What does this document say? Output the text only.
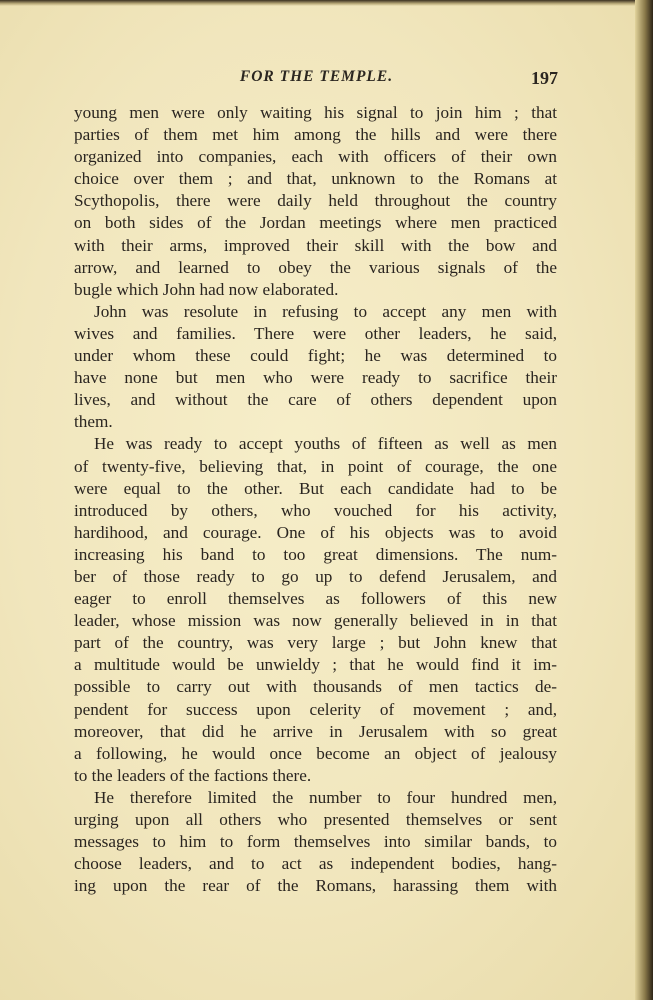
FOR THE TEMPLE.	197
young men were only waiting his signal to join him ; that
parties of them met him among the hills and were there
organized into companies, each with officers of their own
choice over them ; and that, unknown to the Romans at
Scythopolis, there were daily held throughout the country
on both sides of the Jordan meetings where men practiced
with their arms, improved their skill with the bow and
arrow, and learned to obey the various signals of the
bugle which John had now elaborated.
John was resolute in refusing to accept any men with
wives and families. There were other leaders, he said,
under whom these could fight; he was determined to
have none but men who were ready to sacrifice their
lives, and without the care of others dependent upon
them.
He was ready to accept youths of fifteen as well as men
of twenty-five, believing that, in point of courage, the one
were equal to the other. But each candidate had to be
introduced by others, who vouched for his activity,
hardihood, and courage. One of his objects was to avoid
increasing his band to too great dimensions. The num-
ber of those ready to go up to defend Jerusalem, and
eager to enroll themselves as followers of this new
leader, whose mission was now generally believed in in that
part of the country, was very large ; but John knew that
a multitude would be unwieldy ; that he would find it im-
possible to carry out with thousands of men tactics de-
pendent for success upon celerity of movement ; and,
moreover, that did he arrive in Jerusalem with so great
a following, he would once become an object of jealousy
to the leaders of the factions there.
He therefore limited the number to four hundred men,
urging upon all others who presented themselves or sent
messages to him to form themselves into similar bands, to
choose leaders, and to act as independent bodies, hang-
ing upon the rear of the Romans, harassing them with
